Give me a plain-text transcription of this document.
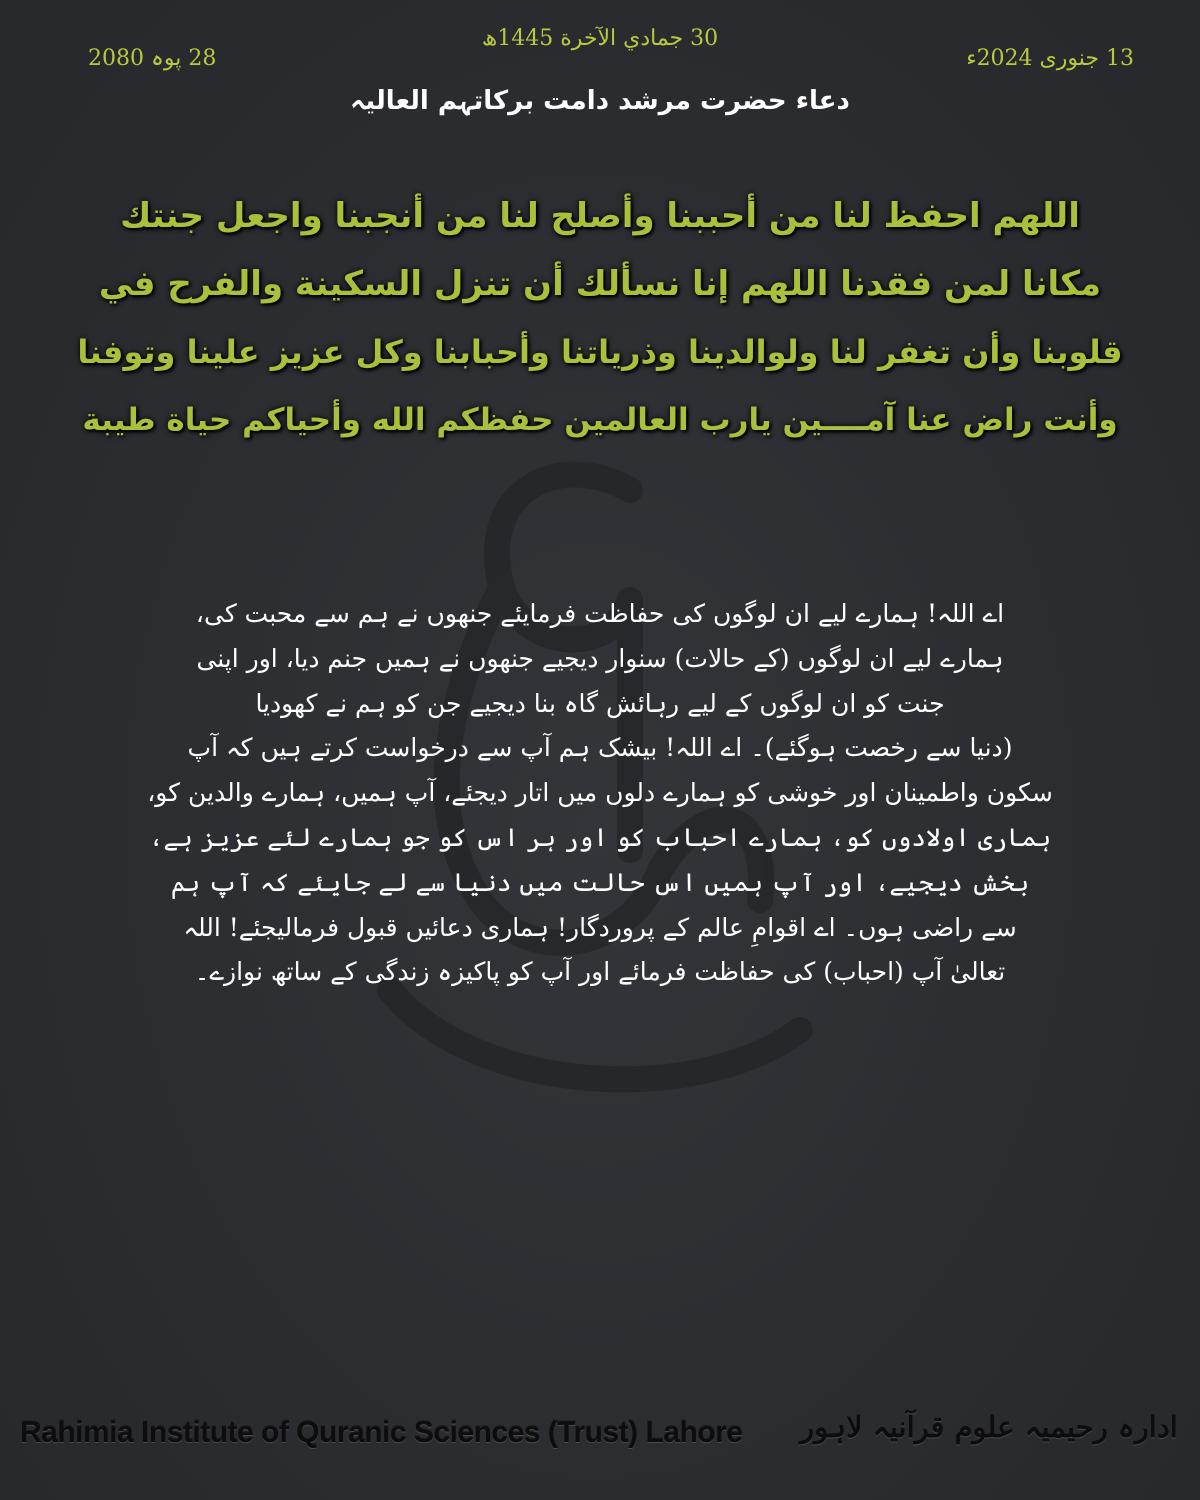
30 جمادي الآخرة 1445ھ
13 جنوری 2024ء
28 پوہ 2080
دعاء حضرت مرشد دامت برکاتہم العالیہ
اللهم احفظ لنا من أحببنا وأصلح لنا من أنجبنا واجعل جنتك
مكانا لمن فقدنا اللهم إنا نسألك أن تنزل السكينة والفرح في
قلوبنا وأن تغفر لنا ولوالدينا وذرياتنا وأحبابنا وكل عزيز علينا وتوفنا
وأنت راض عنا آمــــين يارب العالمين حفظكم الله وأحياكم حياة طيبة
اے اللہ! ہمارے لیے ان لوگوں کی حفاظت فرمایئے جنھوں نے ہم سے محبت کی،
ہمارے لیے ان لوگوں (کے حالات) سنوار دیجیے جنھوں نے ہمیں جنم دیا، اور اپنی
جنت کو ان لوگوں کے لیے رہائش گاہ بنا دیجیے جن کو ہم نے کھودیا
(دنیا سے رخصت ہوگئے)۔ اے اللہ! بیشک ہم آپ سے درخواست کرتے ہیں کہ آپ
سکون واطمینان اور خوشی کو ہمارے دلوں میں اتار دیجئے، آپ ہمیں، ہمارے والدین کو،
ہماری اولادوں کو، ہمارے احباب کو اور ہر اس کو جو ہمارے لئے عزیز ہے،
بخش دیجیے، اور آپ ہمیں اس حالت میں دنیا سے لے جایئے کہ آپ ہم
سے راضی ہوں۔ اے اقوامِ عالم کے پروردگار! ہماری دعائیں قبول فرمالیجئے! اللہ
تعالیٰ آپ (احباب) کی حفاظت فرمائے اور آپ کو پاکیزہ زندگی کے ساتھ نوازے۔
Rahimia Institute of Quranic Sciences (Trust) Lahore ادارہ رحیمیہ علوم قرآنیہ لاہور
